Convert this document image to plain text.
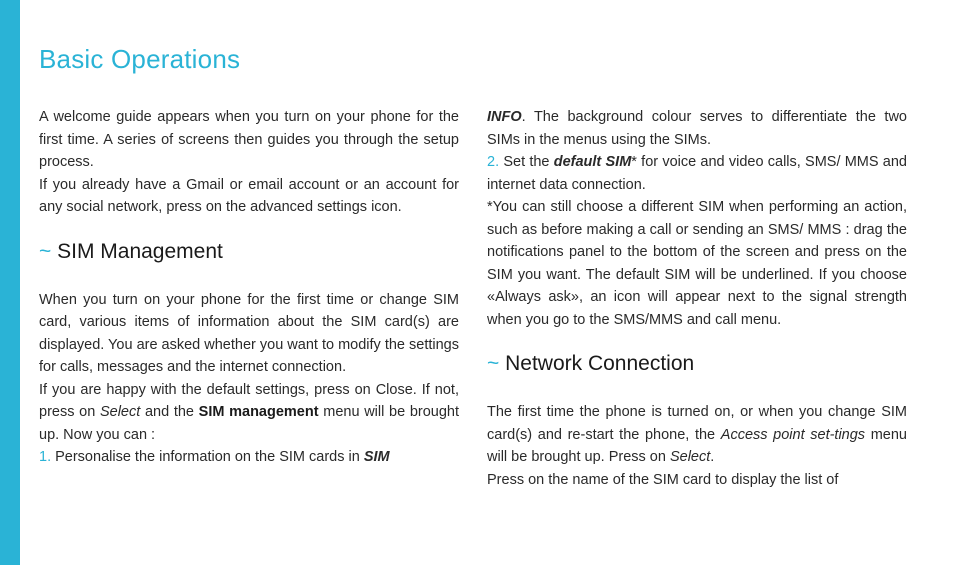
Basic Operations

A welcome guide appears when you turn on your phone for the first time. A series of screens then guides you through the setup process.

If you already have a Gmail or email account or an account for any social network, press on the advanced settings icon.

~ SIM Management

When you turn on your phone for the first time or change SIM card, various items of information about the SIM card(s) are displayed. You are asked whether you want to modify the settings for calls, messages and the internet connection.

If you are happy with the default settings, press on Close. If not, press on Select and the SIM management menu will be brought up. Now you can :

1. Personalise the information on the SIM cards in SIM

INFO. The background colour serves to differentiate the two SIMs in the menus using the SIMs.

2. Set the default SIM* for voice and video calls, SMS/ MMS and internet data connection.

*You can still choose a different SIM when performing an action, such as before making a call or sending an SMS/ MMS : drag the notifications panel to the bottom of the screen and press on the SIM you want. The default SIM will be underlined. If you choose «Always ask», an icon will appear next to the signal strength when you go to the SMS/MMS and call menu.

~ Network Connection

The first time the phone is turned on, or when you change SIM card(s) and re-start the phone, the Access point set-tings menu will be brought up. Press on Select.

Press on the name of the SIM card to display the list of
